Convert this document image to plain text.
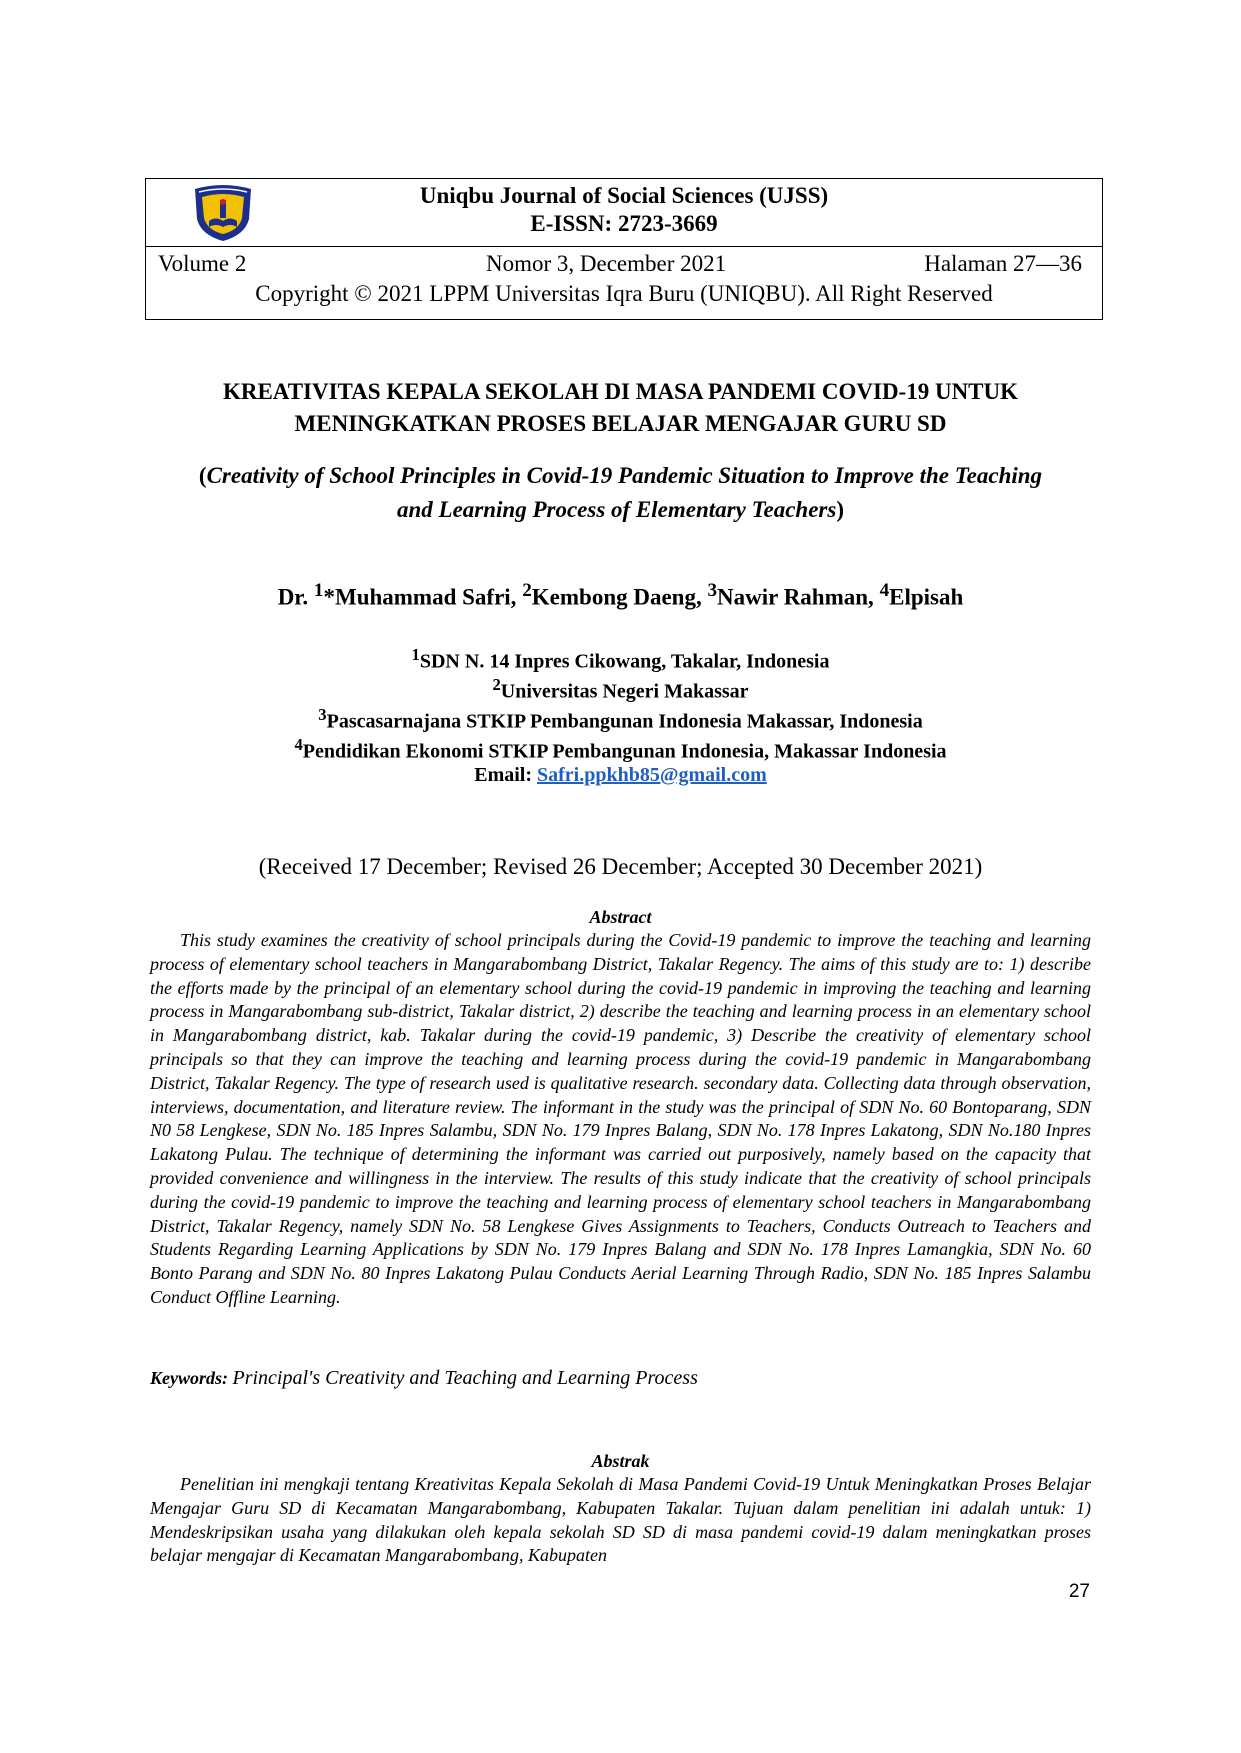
Uniqbu Journal of Social Sciences (UJSS)
E-ISSN: 2723-3669
Volume 2	Nomor 3, December 2021	Halaman 27—36
Copyright © 2021 LPPM Universitas Iqra Buru (UNIQBU). All Right Reserved
KREATIVITAS KEPALA SEKOLAH DI MASA PANDEMI COVID-19 UNTUK
MENINGKATKAN PROSES BELAJAR MENGAJAR GURU SD
(Creativity of School Principles in Covid-19 Pandemic Situation to Improve the Teaching
and Learning Process of Elementary Teachers)
Dr. $^1$*Muhammad Safri, $^2$Kembong Daeng, $^3$Nawir Rahman, $^4$Elpisah
$^1$SDN N. 14 Inpres Cikowang, Takalar, Indonesia
$^2$Universitas Negeri Makassar
$^3$Pascasarnajana STKIP Pembangunan Indonesia Makassar, Indonesia
$^4$Pendidikan Ekonomi STKIP Pembangunan Indonesia, Makassar Indonesia
Email: Safri.ppkhb85@gmail.com
(Received 17 December; Revised 26 December; Accepted 30 December 2021)
Abstract

This study examines the creativity of school principals during the Covid-19 pandemic to improve the teaching and learning process of elementary school teachers in Mangarabombang District, Takalar Regency. The aims of this study are to: 1) describe the efforts made by the principal of an elementary school during the covid-19 pandemic in improving the teaching and learning process in Mangarabombang sub-district, Takalar district, 2) describe the teaching and learning process in an elementary school in Mangarabombang district, kab. Takalar during the covid-19 pandemic, 3) Describe the creativity of elementary school principals so that they can improve the teaching and learning process during the covid-19 pandemic in Mangarabombang District, Takalar Regency. The type of research used is qualitative research. secondary data. Collecting data through observation, interviews, documentation, and literature review. The informant in the study was the principal of SDN No. 60 Bontoparang, SDN N0 58 Lengkese, SDN No. 185 Inpres Salambu, SDN No. 179 Inpres Balang, SDN No. 178 Inpres Lakatong, SDN No.180 Inpres Lakatong Pulau. The technique of determining the informant was carried out purposively, namely based on the capacity that provided convenience and willingness in the interview. The results of this study indicate that the creativity of school principals during the covid-19 pandemic to improve the teaching and learning process of elementary school teachers in Mangarabombang District, Takalar Regency, namely SDN No. 58 Lengkese Gives Assignments to Teachers, Conducts Outreach to Teachers and Students Regarding Learning Applications by SDN No. 179 Inpres Balang and SDN No. 178 Inpres Lamangkia, SDN No. 60 Bonto Parang and SDN No. 80 Inpres Lakatong Pulau Conducts Aerial Learning Through Radio, SDN No. 185 Inpres Salambu Conduct Offline Learning.

Keywords: Principal's Creativity and Teaching and Learning Process
Abstrak

Penelitian ini mengkaji tentang Kreativitas Kepala Sekolah di Masa Pandemi Covid-19 Untuk Meningkatkan Proses Belajar Mengajar Guru SD di Kecamatan Mangarabombang, Kabupaten Takalar. Tujuan dalam penelitian ini adalah untuk: 1) Mendeskripsikan usaha yang dilakukan oleh kepala sekolah SD SD di masa pandemi covid-19 dalam meningkatkan proses belajar mengajar di Kecamatan Mangarabombang, Kabupaten

27
